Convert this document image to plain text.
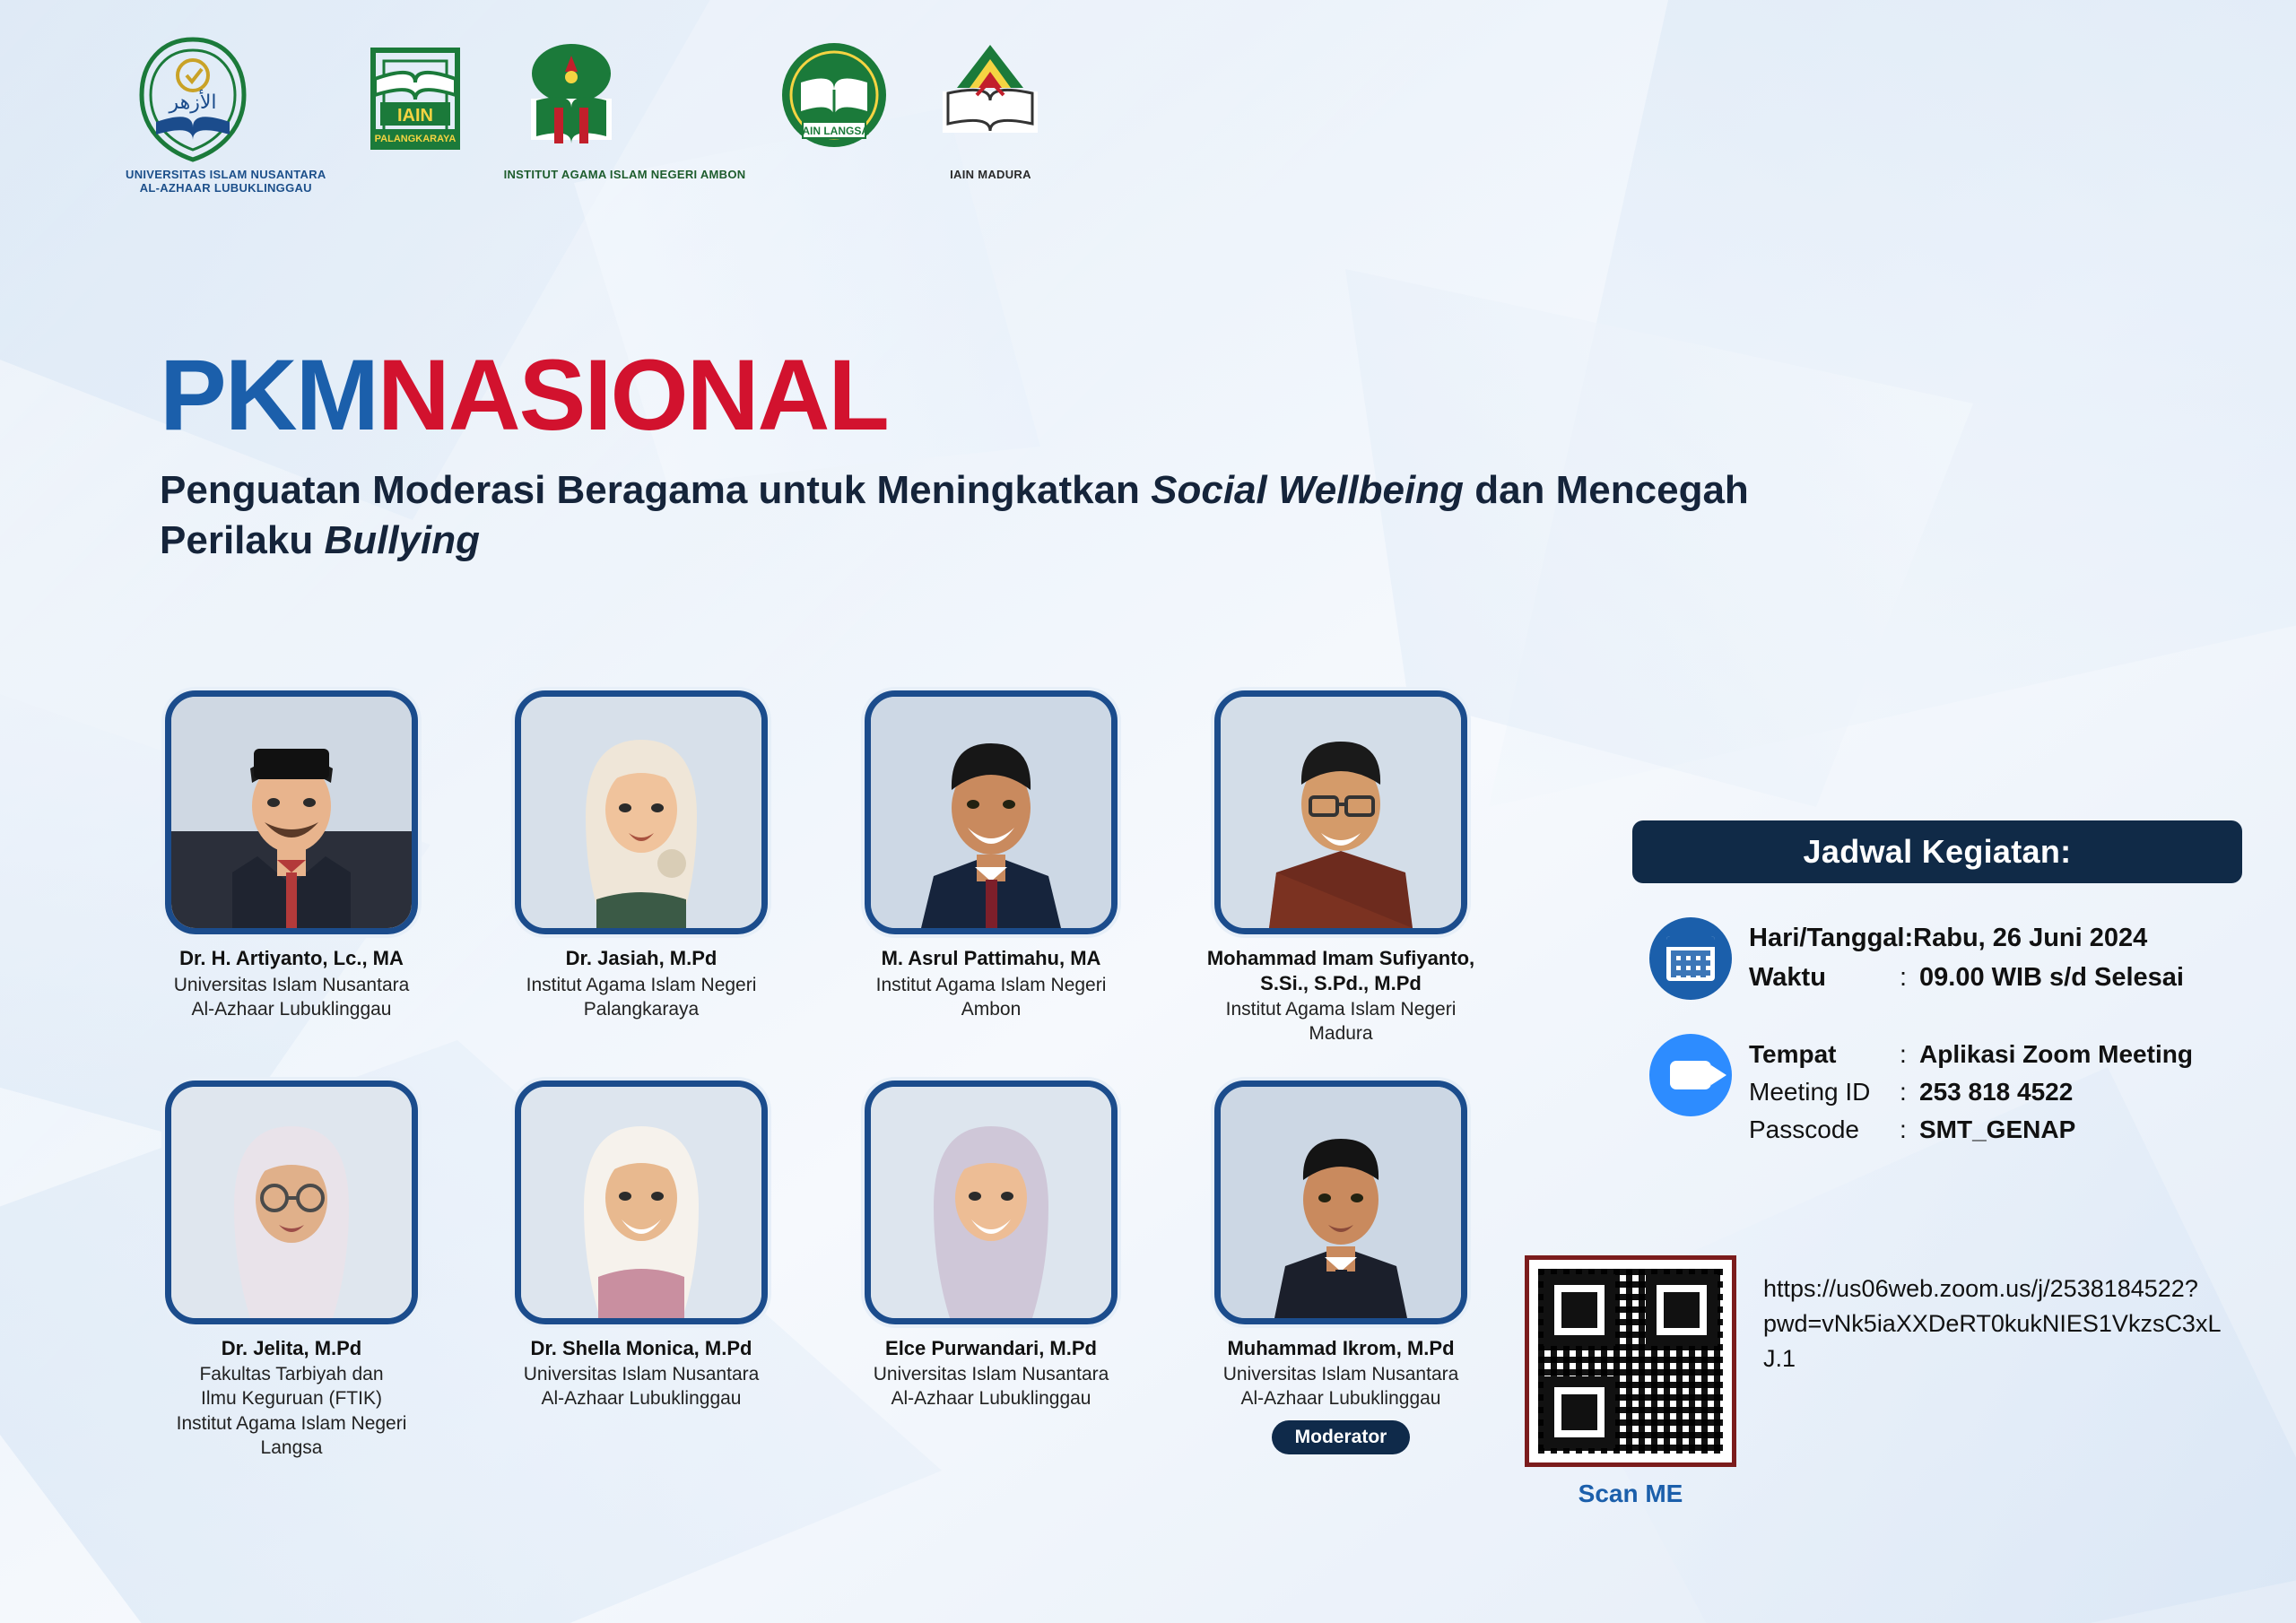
الأزهر
UNIVERSITAS ISLAM NUSANTARA
AL-AZHAAR LUBUKLINGGAU
IAIN
PALANGKARAYA
INSTITUT AGAMA ISLAM NEGERI AMBON
IAIN LANGSA
IAIN MADURA
PKMNASIONAL
Penguatan Moderasi Beragama untuk Meningkatkan Social Wellbeing dan Mencegah Perilaku Bullying
Dr. H. Artiyanto, Lc., MA
Universitas Islam Nusantara
Al-Azhaar Lubuklinggau
Dr. Jasiah, M.Pd
Institut Agama Islam Negeri
Palangkaraya
M. Asrul Pattimahu, MA
Institut Agama Islam Negeri
Ambon
Mohammad Imam Sufiyanto, S.Si., S.Pd., M.Pd
Institut Agama Islam Negeri
Madura
Dr. Jelita, M.Pd
Fakultas Tarbiyah dan
Ilmu Keguruan (FTIK)
Institut Agama Islam Negeri
Langsa
Dr. Shella Monica, M.Pd
Universitas Islam Nusantara
Al-Azhaar Lubuklinggau
Elce Purwandari, M.Pd
Universitas Islam Nusantara
Al-Azhaar Lubuklinggau
Muhammad Ikrom, M.Pd
Universitas Islam Nusantara
Al-Azhaar Lubuklinggau
Moderator
Jadwal Kegiatan:
Hari/Tanggal: Rabu, 26 Juni 2024
Waktu	: 09.00 WIB s/d Selesai
Tempat	: Aplikasi Zoom Meeting
Meeting ID	: 253 818 4522
Passcode	: SMT_GENAP
Scan ME
https://us06web.zoom.us/j/2538184522?pwd=vNk5iaXXDeRT0kukNIES1VkzsC3xLJ.1
